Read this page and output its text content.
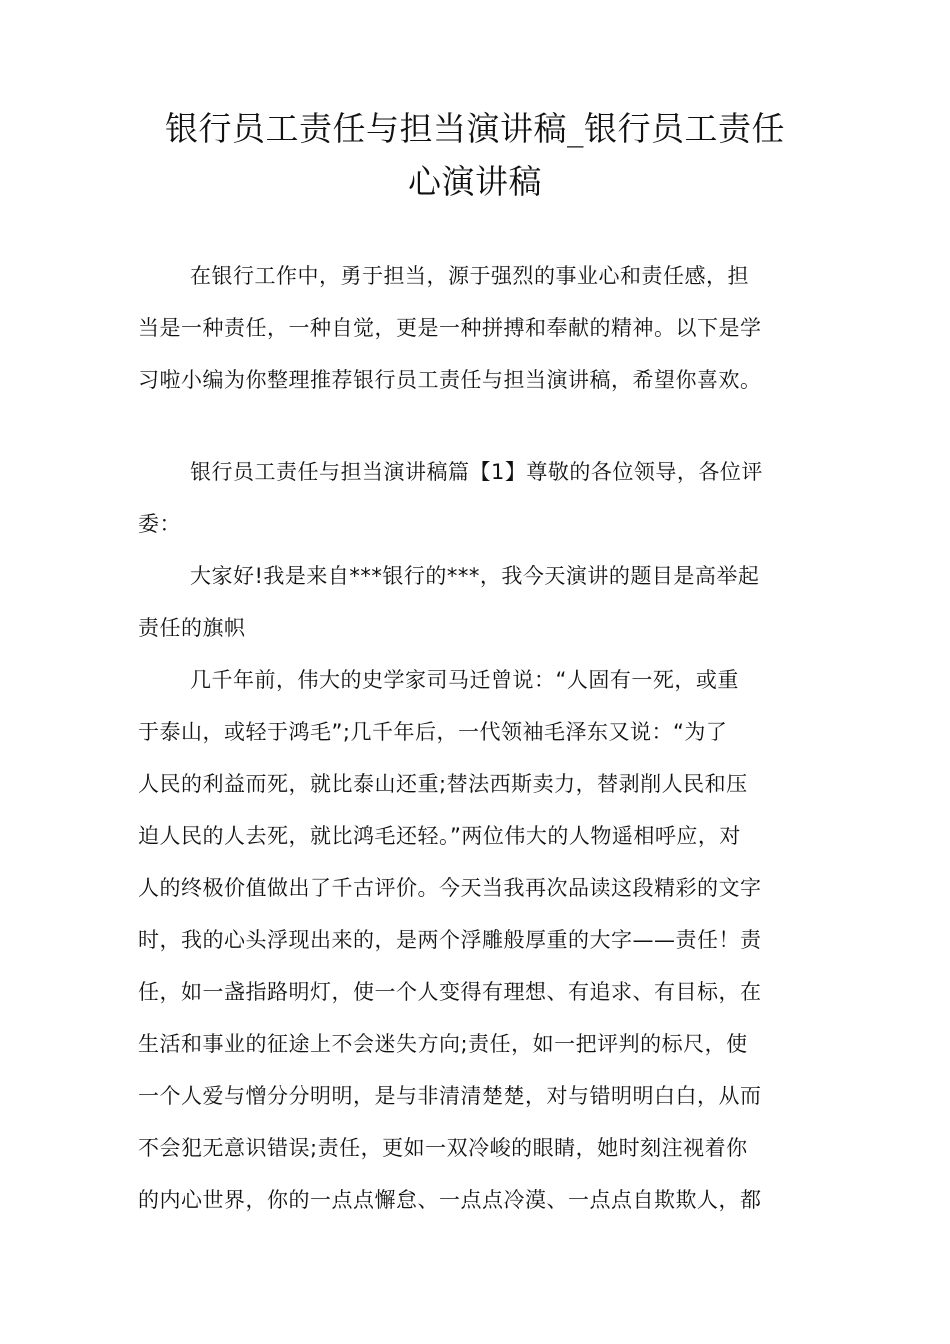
银行员工责任与担当演讲稿_银行员工责任
心演讲稿
在银行工作中，勇于担当，源于强烈的事业心和责任感，担
当是一种责任，一种自觉，更是一种拼搏和奉献的精神。以下是学
习啦小编为你整理推荐银行员工责任与担当演讲稿，希望你喜欢。
银行员工责任与担当演讲稿篇【1】尊敬的各位领导，各位评
委：
大家好!我是来自***银行的***，我今天演讲的题目是高举起
责任的旗帜
几千年前，伟大的史学家司马迁曾说：“人固有一死，或重
于泰山，或轻于鸿毛”;几千年后，一代领袖毛泽东又说：“为了
人民的利益而死，就比泰山还重;替法西斯卖力，替剥削人民和压
迫人民的人去死，就比鸿毛还轻。”两位伟大的人物遥相呼应，对
人的终极价值做出了千古评价。今天当我再次品读这段精彩的文字
时，我的心头浮现出来的，是两个浮雕般厚重的大字——责任！责
任，如一盏指路明灯，使一个人变得有理想、有追求、有目标，在
生活和事业的征途上不会迷失方向;责任，如一把评判的标尺，使
一个人爱与憎分分明明，是与非清清楚楚，对与错明明白白，从而
不会犯无意识错误;责任，更如一双冷峻的眼睛，她时刻注视着你
的内心世界，你的一点点懈怠、一点点冷漠、一点点自欺欺人，都
